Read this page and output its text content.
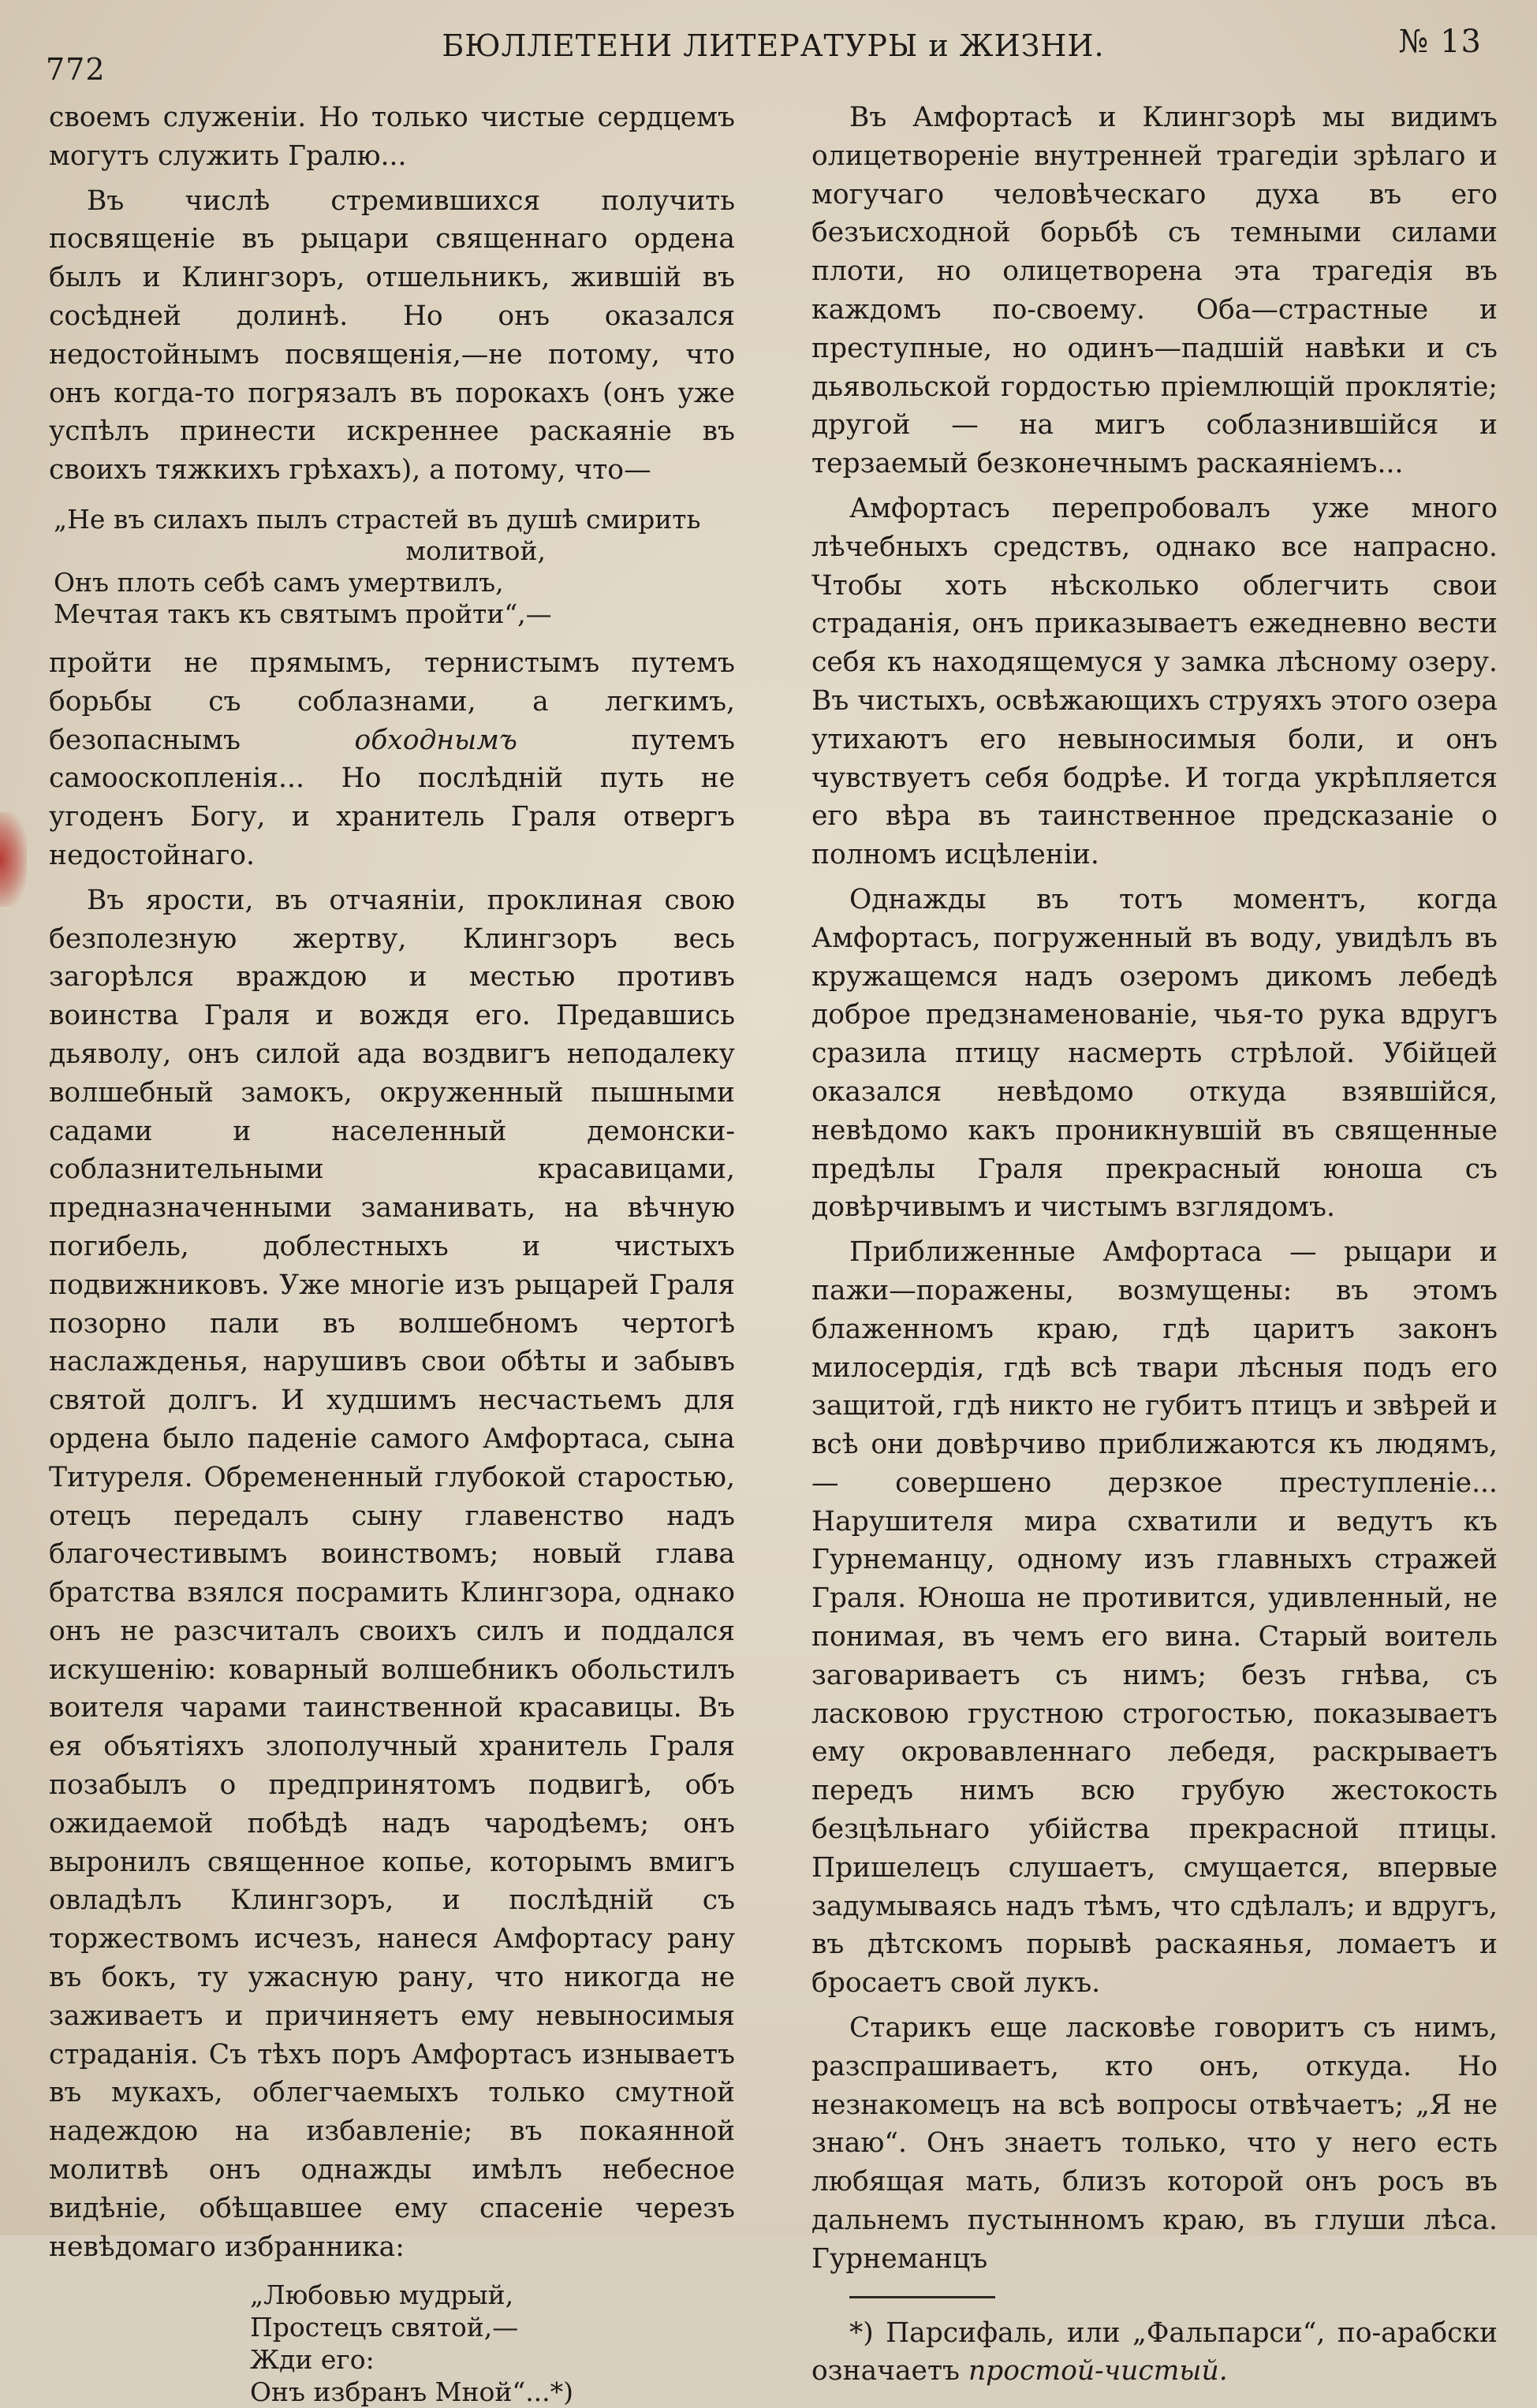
772
БЮЛЛЕТЕНИ ЛИТЕРАТУРЫ и ЖИЗНИ.	№ 13

своемъ служеніи. Но только чистые сердцемъ могутъ служить Гралю...

Въ числѣ стремившихся получить посвященіе въ рыцари священнаго ордена былъ и Клингзоръ, отшельникъ, жившій въ сосѣдней долинѣ. Но онъ оказался недостойнымъ посвященія,—не потому, что онъ когда-то погрязалъ въ порокахъ (онъ уже успѣлъ принести искреннее раскаяніе въ своихъ тяжкихъ грѣхахъ), а потому, что—

„Не въ силахъ пылъ страстей въ душѣ смирить
молитвой,
Онъ плоть себѣ самъ умертвилъ,
Мечтая такъ къ святымъ пройти“,—

пройти не прямымъ, тернистымъ путемъ борьбы съ соблазнами, а легкимъ, безопаснымъ обходнымъ путемъ самооскопленія... Но послѣдній путь не угоденъ Богу, и хранитель Граля отвергъ недостойнаго.

Въ ярости, въ отчаяніи, проклиная свою безполезную жертву, Клингзоръ весь загорѣлся враждою и местью противъ воинства Граля и вождя его. Предавшись дьяволу, онъ силой ада воздвигъ неподалеку волшебный замокъ, окруженный пышными садами и населенный демонски-соблазнительными красавицами, предназначенными заманивать, на вѣчную погибель, доблестныхъ и чистыхъ подвижниковъ. Уже многіе изъ рыцарей Граля позорно пали въ волшебномъ чертогѣ наслажденья, нарушивъ свои обѣты и забывъ святой долгъ. И худшимъ несчастьемъ для ордена было паденіе самого Амфортаса, сына Титуреля. Обремененный глубокой старостью, отецъ передалъ сыну главенство надъ благочестивымъ воинствомъ; новый глава братства взялся посрамить Клингзора, однако онъ не разсчиталъ своихъ силъ и поддался искушенію: коварный волшебникъ обольстилъ воителя чарами таинственной красавицы. Въ ея объятіяхъ злополучный хранитель Граля позабылъ о предпринятомъ подвигѣ, объ ожидаемой побѣдѣ надъ чародѣемъ; онъ выронилъ священное копье, которымъ вмигъ овладѣлъ Клингзоръ, и послѣдній съ торжествомъ исчезъ, нанеся Амфортасу рану въ бокъ, ту ужасную рану, что никогда не заживаетъ и причиняетъ ему невыносимыя страданія. Съ тѣхъ поръ Амфортасъ изнываетъ въ мукахъ, облегчаемыхъ только смутной надеждою на избавленіе; въ покаянной молитвѣ онъ однажды имѣлъ небесное видѣніе, обѣщавшее ему спасеніе черезъ невѣдомаго избранника:

„Любовью мудрый,
Простецъ святой,—
Жди его:
Онъ избранъ Мной“...*)

Въ Амфортасѣ и Клингзорѣ мы видимъ олицетвореніе внутренней трагедіи зрѣлаго и могучаго человѣческаго духа въ его безъисходной борьбѣ съ темными силами плоти, но олицетворена эта трагедія въ каждомъ по-своему. Оба—страстные и преступные, но одинъ—падшій навѣки и съ дьявольской гордостью пріемлющій проклятіе; другой — на мигъ соблазнившійся и терзаемый безконечнымъ раскаяніемъ...

Амфортасъ перепробовалъ уже много лѣчебныхъ средствъ, однако все напрасно. Чтобы хоть нѣсколько облегчить свои страданія, онъ приказываетъ ежедневно вести себя къ находящемуся у замка лѣсному озеру. Въ чистыхъ, освѣжающихъ струяхъ этого озера утихаютъ его невыносимыя боли, и онъ чувствуетъ себя бодрѣе. И тогда укрѣпляется его вѣра въ таинственное предсказаніе о полномъ исцѣленіи.

Однажды въ тотъ моментъ, когда Амфортасъ, погруженный въ воду, увидѣлъ въ кружащемся надъ озеромъ дикомъ лебедѣ доброе предзнаменованіе, чья-то рука вдругъ сразила птицу насмерть стрѣлой. Убійцей оказался невѣдомо откуда взявшійся, невѣдомо какъ проникнувшій въ священные предѣлы Граля прекрасный юноша съ довѣрчивымъ и чистымъ взглядомъ.

Приближенные Амфортаса — рыцари и пажи—поражены, возмущены: въ этомъ блаженномъ краю, гдѣ царитъ законъ милосердія, гдѣ всѣ твари лѣсныя подъ его защитой, гдѣ никто не губитъ птицъ и звѣрей и всѣ они довѣрчиво приближаются къ людямъ,— совершено дерзкое преступленіе... Нарушителя мира схватили и ведутъ къ Гурнеманцу, одному изъ главныхъ стражей Граля. Юноша не противится, удивленный, не понимая, въ чемъ его вина. Старый воитель заговариваетъ съ нимъ; безъ гнѣва, съ ласковою грустною строгостью, показываетъ ему окровавленнаго лебедя, раскрываетъ передъ нимъ всю грубую жестокость безцѣльнаго убійства прекрасной птицы. Пришелецъ слушаетъ, смущается, впервые задумываясь надъ тѣмъ, что сдѣлалъ; и вдругъ, въ дѣтскомъ порывѣ раскаянья, ломаетъ и бросаетъ свой лукъ.

Старикъ еще ласковѣе говоритъ съ нимъ, разспрашиваетъ, кто онъ, откуда. Но незнакомецъ на всѣ вопросы отвѣчаетъ; „Я не знаю“. Онъ знаетъ только, что у него есть любящая мать, близъ которой онъ росъ въ дальнемъ пустынномъ краю, въ глуши лѣса. Гурнеманцъ

*) Парсифаль, или „Фальпарси“, по-арабски означаетъ простой-чистый.
